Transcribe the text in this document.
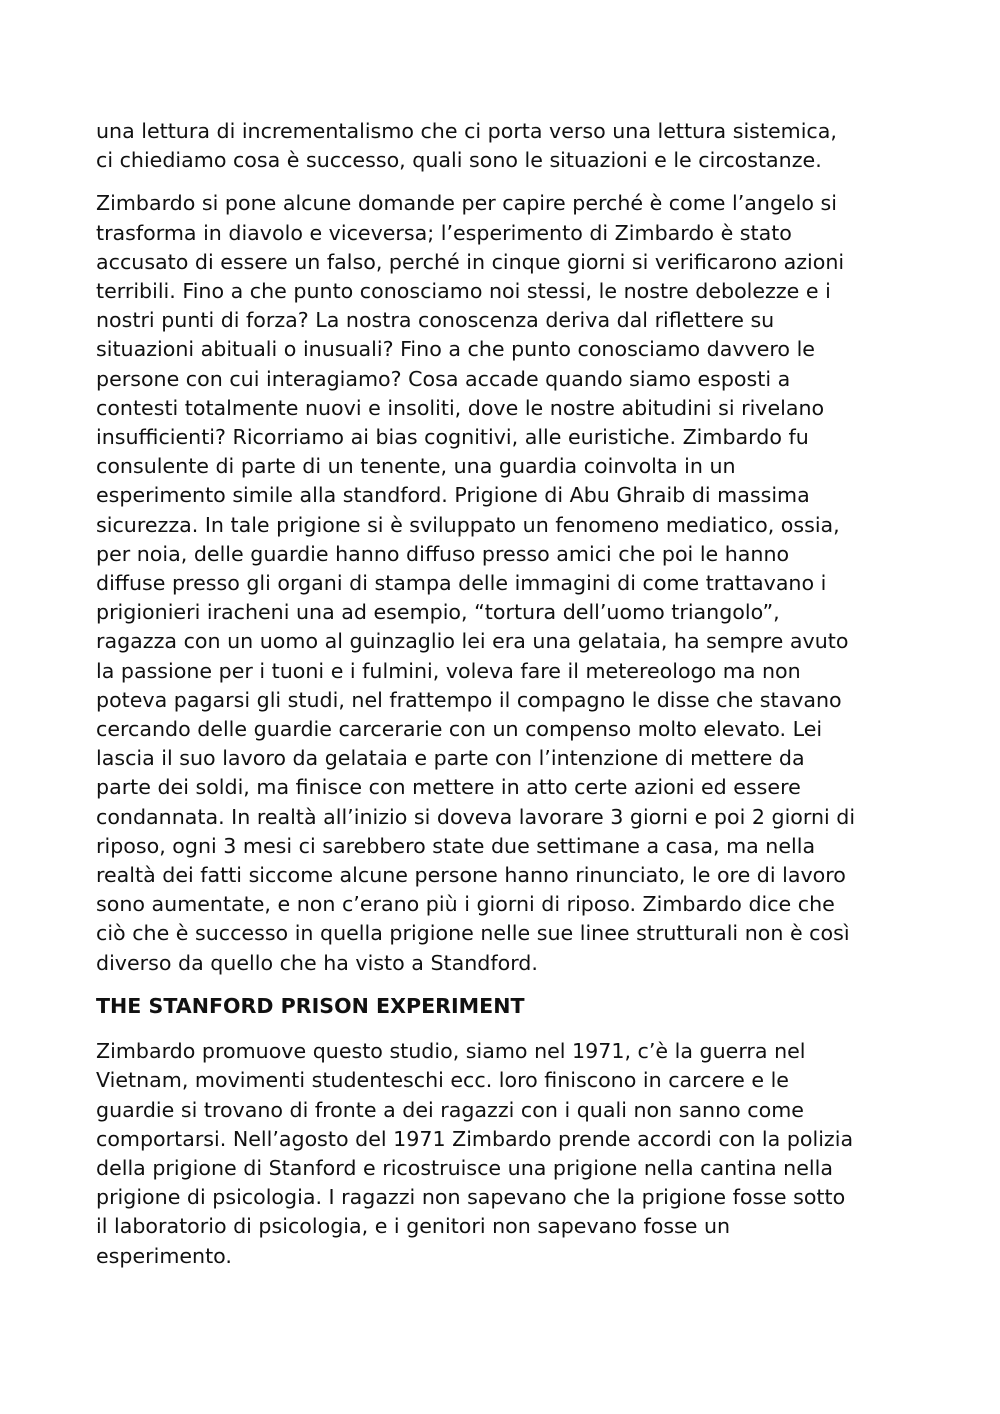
una lettura di incrementalismo che ci porta verso una lettura sistemica,
ci chiediamo cosa è successo, quali sono le situazioni e le circostanze.

Zimbardo si pone alcune domande per capire perché è come l’angelo si
trasforma in diavolo e viceversa; l’esperimento di Zimbardo è stato
accusato di essere un falso, perché in cinque giorni si verificarono azioni
terribili. Fino a che punto conosciamo noi stessi, le nostre debolezze e i
nostri punti di forza? La nostra conoscenza deriva dal riflettere su
situazioni abituali o inusuali? Fino a che punto conosciamo davvero le
persone con cui interagiamo? Cosa accade quando siamo esposti a
contesti totalmente nuovi e insoliti, dove le nostre abitudini si rivelano
insufficienti? Ricorriamo ai bias cognitivi, alle euristiche. Zimbardo fu
consulente di parte di un tenente, una guardia coinvolta in un
esperimento simile alla standford. Prigione di Abu Ghraib di massima
sicurezza. In tale prigione si è sviluppato un fenomeno mediatico, ossia,
per noia, delle guardie hanno diffuso presso amici che poi le hanno
diffuse presso gli organi di stampa delle immagini di come trattavano i
prigionieri iracheni una ad esempio, “tortura dell’uomo triangolo”,
ragazza con un uomo al guinzaglio lei era una gelataia, ha sempre avuto
la passione per i tuoni e i fulmini, voleva fare il metereologo ma non
poteva pagarsi gli studi, nel frattempo il compagno le disse che stavano
cercando delle guardie carcerarie con un compenso molto elevato. Lei
lascia il suo lavoro da gelataia e parte con l’intenzione di mettere da
parte dei soldi, ma finisce con mettere in atto certe azioni ed essere
condannata. In realtà all’inizio si doveva lavorare 3 giorni e poi 2 giorni di
riposo, ogni 3 mesi ci sarebbero state due settimane a casa, ma nella
realtà dei fatti siccome alcune persone hanno rinunciato, le ore di lavoro
sono aumentate, e non c’erano più i giorni di riposo. Zimbardo dice che
ciò che è successo in quella prigione nelle sue linee strutturali non è così
diverso da quello che ha visto a Standford.

THE STANFORD PRISON EXPERIMENT

Zimbardo promuove questo studio, siamo nel 1971, c’è la guerra nel
Vietnam, movimenti studenteschi ecc. loro finiscono in carcere e le
guardie si trovano di fronte a dei ragazzi con i quali non sanno come
comportarsi. Nell’agosto del 1971 Zimbardo prende accordi con la polizia
della prigione di Stanford e ricostruisce una prigione nella cantina nella
prigione di psicologia. I ragazzi non sapevano che la prigione fosse sotto
il laboratorio di psicologia, e i genitori non sapevano fosse un
esperimento.
